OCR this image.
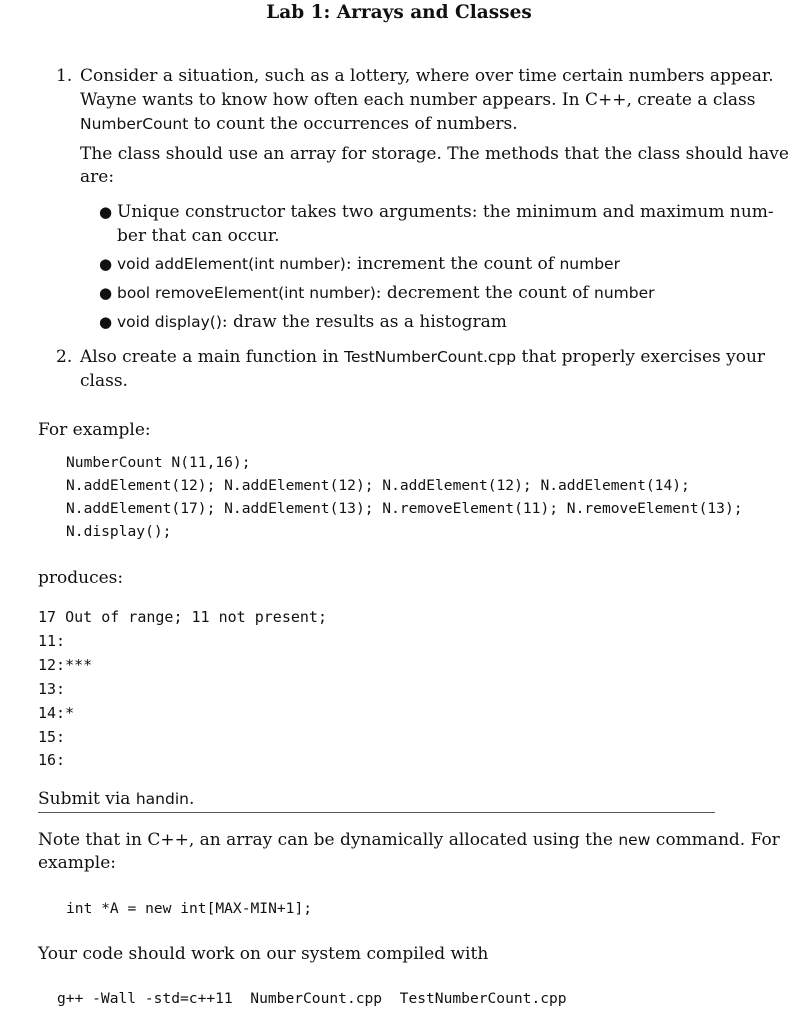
Lab 1: Arrays and Classes
1. Consider a situation, such as a lottery, where over time certain numbers appear.
Wayne wants to know how often each number appears. In C++, create a class
NumberCount to count the occurrences of numbers.
The class should use an array for storage. The methods that the class should have
are:
● Unique constructor takes two arguments: the minimum and maximum num-
ber that can occur.
● void addElement(int number): increment the count of number
● bool removeElement(int number): decrement the count of number
● void display(): draw the results as a histogram
2. Also create a main function in TestNumberCount.cpp that properly exercises your
class.
For example:
NumberCount N(11,16);
N.addElement(12); N.addElement(12); N.addElement(12); N.addElement(14);
N.addElement(17); N.addElement(13); N.removeElement(11); N.removeElement(13);
N.display();
produces:
17 Out of range; 11 not present;
11:
12:***
13:
14:*
15:
16:
Submit via handin.
Note that in C++, an array can be dynamically allocated using the new command. For
example:
int *A = new int[MAX-MIN+1];
Your code should work on our system compiled with
g++ -Wall -std=c++11  NumberCount.cpp  TestNumberCount.cpp
